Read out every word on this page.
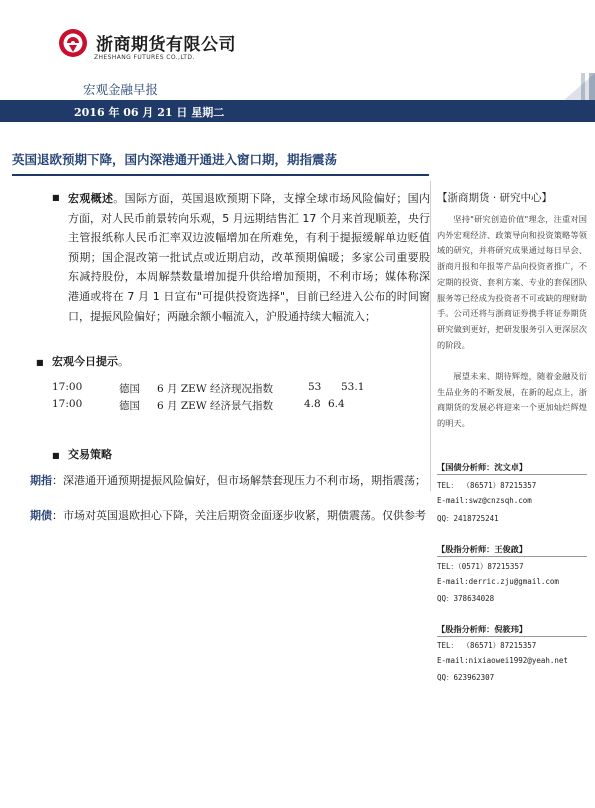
浙商期货有限公司
ZHESHANG FUTURES CO.,LTD.
宏观金融早报
2016 年 06 月 21 日 星期二
英国退欧预期下降，国内深港通开通进入窗口期，期指震荡
■ 宏观概述。国际方面，英国退欧预期下降，支撑全球市场风险偏好；国内方面，对人民币前景转向乐观，5 月远期结售汇 17 个月来首现顺差，央行主管报纸称人民币汇率双边波幅增加在所难免，有利于提振缓解单边贬值预期；国企混改第一批试点或近期启动，改革预期偏暖；多家公司重要股东减持股份，本周解禁数量增加提升供给增加预期，不利市场；媒体称深港通或将在 7 月 1 日宣布"可提供投资选择"，目前已经进入公布的时间窗口，提振风险偏好；两融余额小幅流入，沪股通持续大幅流入；
■ 宏观今日提示。
17:00	德国 6 月 ZEW 经济现况指数	53 53.1
17:00	德国 6 月 ZEW 经济景气指数	4.8 6.4
■ 交易策略
期指：深港通开通预期提振风险偏好，但市场解禁套现压力不利市场，期指震荡；
期债：市场对英国退欧担心下降，关注后期资金面逐步收紧，期债震荡。仅供参考
【浙商期货 · 研究中心】
坚持"研究创造价值"理念，注重对国内外宏观经济、政策导向和投资策略等领域的研究，并将研究成果通过每日早会、浙商月报和年报等产品向投资者推广，不定期的投资、套利方案、专业的套保团队服务等已经成为投资者不可或缺的理财助手。公司还将与浙商证券携手将证券期货研究做到更好，把研发服务引入更深层次的阶段。
展望未来、期待辉煌，随着金融及衍生品业务的不断发展，在新的起点上，浙商期货的发展必将迎来一个更加灿烂辉煌的明天。
【国债分析师：沈文卓】
TEL： （86571）87215357
E-mail:swz@cnzsqh.com
QQ：2418725241
【股指分析师：王俊啟】
TEL：（0571）87215357
E-mail:derric.zju@gmail.com
QQ：378634028
【股指分析师：倪筱玮】
TEL： （86571）87215357
E-mail:nixiaowei1992@yeah.net
QQ：623962307
